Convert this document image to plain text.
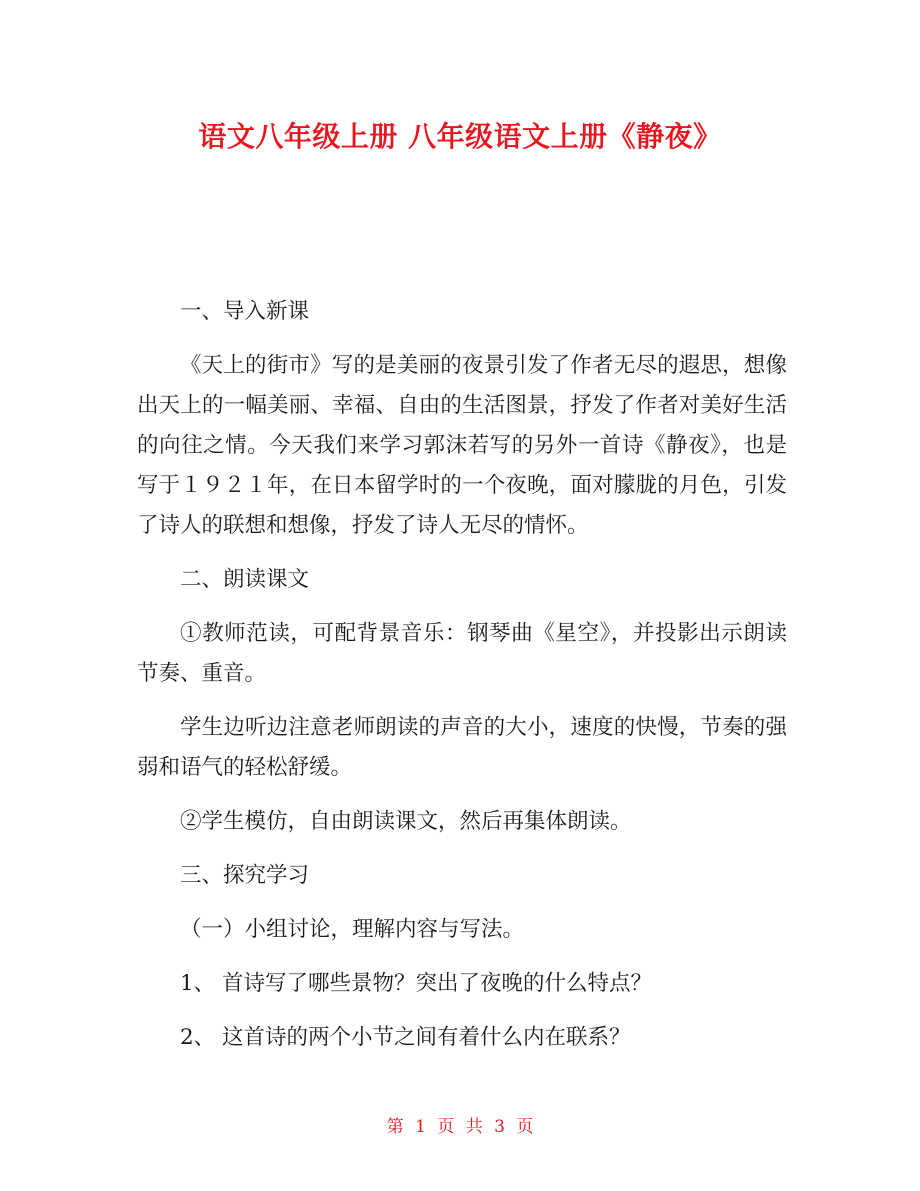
语文八年级上册 八年级语文上册《静夜》

一、导入新课

《天上的街市》写的是美丽的夜景引发了作者无尽的遐思，想像出天上的一幅美丽、幸福、自由的生活图景，抒发了作者对美好生活的向往之情。今天我们来学习郭沫若写的另外一首诗《静夜》，也是写于１９２１年，在日本留学时的一个夜晚，面对朦胧的月色，引发了诗人的联想和想像，抒发了诗人无尽的情怀。

二、朗读课文

①教师范读，可配背景音乐：钢琴曲《星空》，并投影出示朗读节奏、重音。

学生边听边注意老师朗读的声音的大小，速度的快慢，节奏的强弱和语气的轻松舒缓。

②学生模仿，自由朗读课文，然后再集体朗读。

三、探究学习

（一）小组讨论，理解内容与写法。

1、 首诗写了哪些景物？突出了夜晚的什么特点？

2、 这首诗的两个小节之间有着什么内在联系？

第 1 页 共 3 页
